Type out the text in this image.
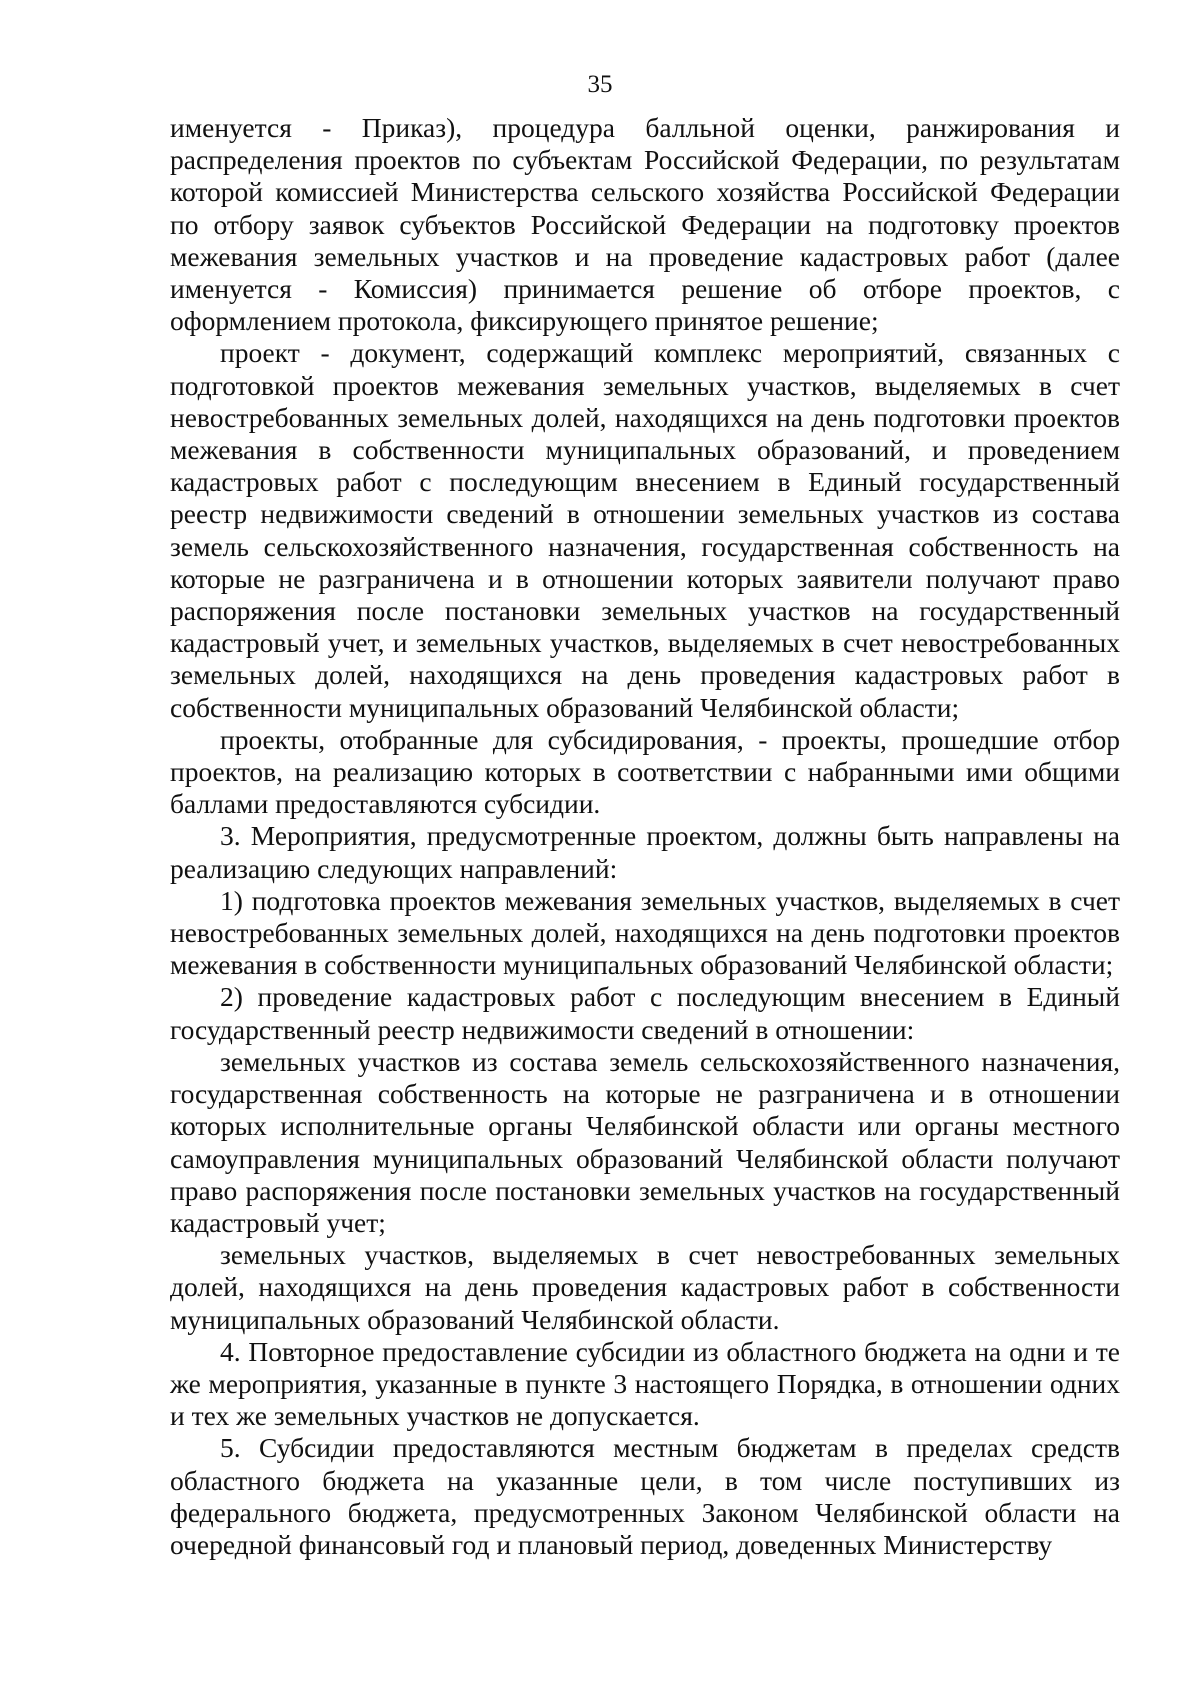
35

именуется - Приказ), процедура балльной оценки, ранжирования и распределения проектов по субъектам Российской Федерации, по результатам которой комиссией Министерства сельского хозяйства Российской Федерации по отбору заявок субъектов Российской Федерации на подготовку проектов межевания земельных участков и на проведение кадастровых работ (далее именуется - Комиссия) принимается решение об отборе проектов, с оформлением протокола, фиксирующего принятое решение;

проект - документ, содержащий комплекс мероприятий, связанных с подготовкой проектов межевания земельных участков, выделяемых в счет невостребованных земельных долей, находящихся на день подготовки проектов межевания в собственности муниципальных образований, и проведением кадастровых работ с последующим внесением в Единый государственный реестр недвижимости сведений в отношении земельных участков из состава земель сельскохозяйственного назначения, государственная собственность на которые не разграничена и в отношении которых заявители получают право распоряжения после постановки земельных участков на государственный кадастровый учет, и земельных участков, выделяемых в счет невостребованных земельных долей, находящихся на день проведения кадастровых работ в собственности муниципальных образований Челябинской области;

проекты, отобранные для субсидирования, - проекты, прошедшие отбор проектов, на реализацию которых в соответствии с набранными ими общими баллами предоставляются субсидии.

3. Мероприятия, предусмотренные проектом, должны быть направлены на реализацию следующих направлений:

1) подготовка проектов межевания земельных участков, выделяемых в счет невостребованных земельных долей, находящихся на день подготовки проектов межевания в собственности муниципальных образований Челябинской области;

2) проведение кадастровых работ с последующим внесением в Единый государственный реестр недвижимости сведений в отношении:

земельных участков из состава земель сельскохозяйственного назначения, государственная собственность на которые не разграничена и в отношении которых исполнительные органы Челябинской области или органы местного самоуправления муниципальных образований Челябинской области получают право распоряжения после постановки земельных участков на государственный кадастровый учет;

земельных участков, выделяемых в счет невостребованных земельных долей, находящихся на день проведения кадастровых работ в собственности муниципальных образований Челябинской области.

4. Повторное предоставление субсидии из областного бюджета на одни и те же мероприятия, указанные в пункте 3 настоящего Порядка, в отношении одних и тех же земельных участков не допускается.

5. Субсидии предоставляются местным бюджетам в пределах средств областного бюджета на указанные цели, в том числе поступивших из федерального бюджета, предусмотренных Законом Челябинской области на очередной финансовый год и плановый период, доведенных Министерству
